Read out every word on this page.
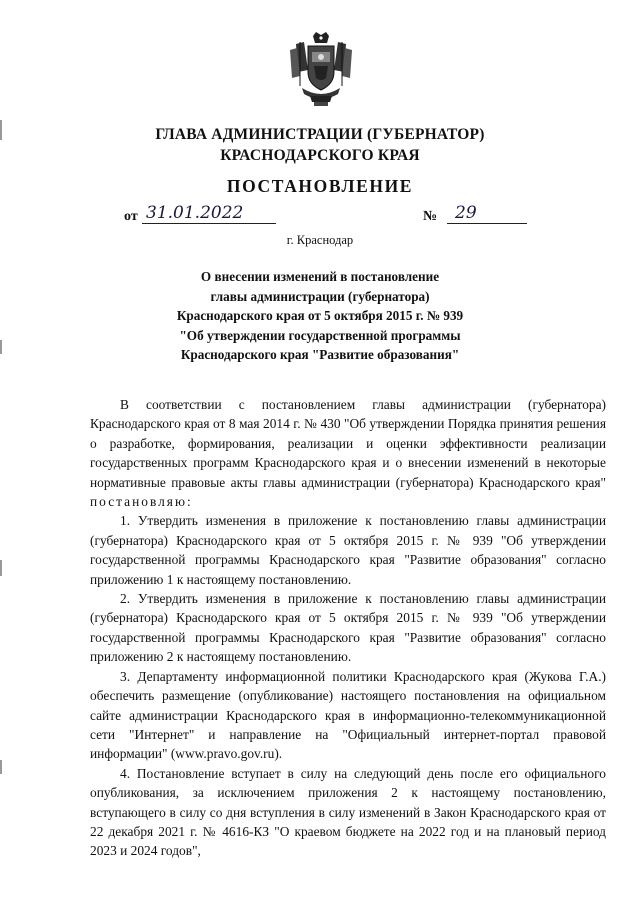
ГЛАВА АДМИНИСТРАЦИИ (ГУБЕРНАТОР)
КРАСНОДАРСКОГО КРАЯ
ПОСТАНОВЛЕНИЕ
от 31.01.2022	№	29
г. Краснодар
О внесении изменений в постановление
главы администрации (губернатора)
Краснодарского края от 5 октября 2015 г. № 939
"Об утверждении государственной программы
Краснодарского края "Развитие образования"

В соответствии с постановлением главы администрации (губернатора) Краснодарского края от 8 мая 2014 г. № 430 "Об утверждении Порядка принятия решения о разработке, формирования, реализации и оценки эффективности реализации государственных программ Краснодарского края и о внесении изменений в некоторые нормативные правовые акты главы администрации (губернатора) Краснодарского края" постановляю:

1. Утвердить изменения в приложение к постановлению главы администрации (губернатора) Краснодарского края от 5 октября 2015 г. № 939 "Об утверждении государственной программы Краснодарского края "Развитие образования" согласно приложению 1 к настоящему постановлению.

2. Утвердить изменения в приложение к постановлению главы администрации (губернатора) Краснодарского края от 5 октября 2015 г. № 939 "Об утверждении государственной программы Краснодарского края "Развитие образования" согласно приложению 2 к настоящему постановлению.

3. Департаменту информационной политики Краснодарского края (Жукова Г.А.) обеспечить размещение (опубликование) настоящего постановления на официальном сайте администрации Краснодарского края в информационно-телекоммуникационной сети "Интернет" и направление на "Официальный интернет-портал правовой информации" (www.pravo.gov.ru).

4. Постановление вступает в силу на следующий день после его официального опубликования, за исключением приложения 2 к настоящему постановлению, вступающего в силу со дня вступления в силу изменений в Закон Краснодарского края от 22 декабря 2021 г. № 4616-КЗ "О краевом бюджете на 2022 год и на плановый период 2023 и 2024 годов",
